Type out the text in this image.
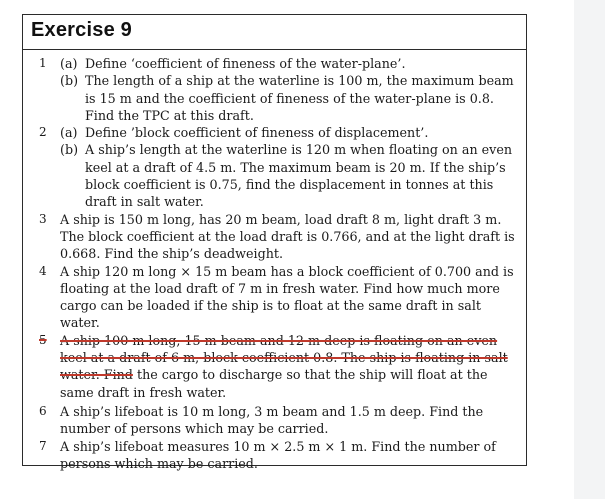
Exercise 9
1 (a) Define ‘coefficient of fineness of the water-plane’.
(b) The length of a ship at the waterline is 100 m, the maximum beam is 15 m and the coefficient of fineness of the water-plane is 0.8. Find the TPC at this draft.
2 (a) Define ’block coefficient of fineness of displacement’.
(b) A ship’s length at the waterline is 120 m when floating on an even keel at a draft of 4.5 m. The maximum beam is 20 m. If the ship’s block coefficient is 0.75, find the displacement in tonnes at this draft in salt water.
3 A ship is 150 m long, has 20 m beam, load draft 8 m, light draft 3 m. The block coefficient at the load draft is 0.766, and at the light draft is 0.668. Find the ship’s deadweight.
4 A ship 120 m long × 15 m beam has a block coefficient of 0.700 and is floating at the load draft of 7 m in fresh water. Find how much more cargo can be loaded if the ship is to float at the same draft in salt water.
5 A ship 100 m long, 15 m beam and 12 m deep is floating on an even keel at a draft of 6 m, block coefficient 0.8. The ship is floating in salt water. Find the cargo to discharge so that the ship will float at the same draft in fresh water.
6 A ship’s lifeboat is 10 m long, 3 m beam and 1.5 m deep. Find the number of persons which may be carried.
7 A ship’s lifeboat measures 10 m × 2.5 m × 1 m. Find the number of persons which may be carried.
